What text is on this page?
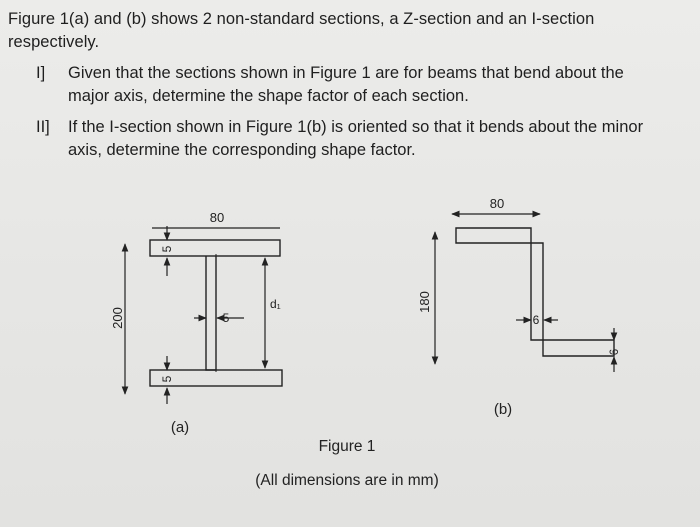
Figure 1(a) and (b) shows 2 non-standard sections, a Z-section and an I-section respectively.
I] Given that the sections shown in Figure 1 are for beams that bend about the major axis, determine the shape factor of each section.
II] If the I-section shown in Figure 1(b) is oriented so that it bends about the minor axis, determine the corresponding shape factor.
80
200
5
5
5
d₁
(a)
80
180
6
6
(b)
Figure 1
(All dimensions are in mm)
